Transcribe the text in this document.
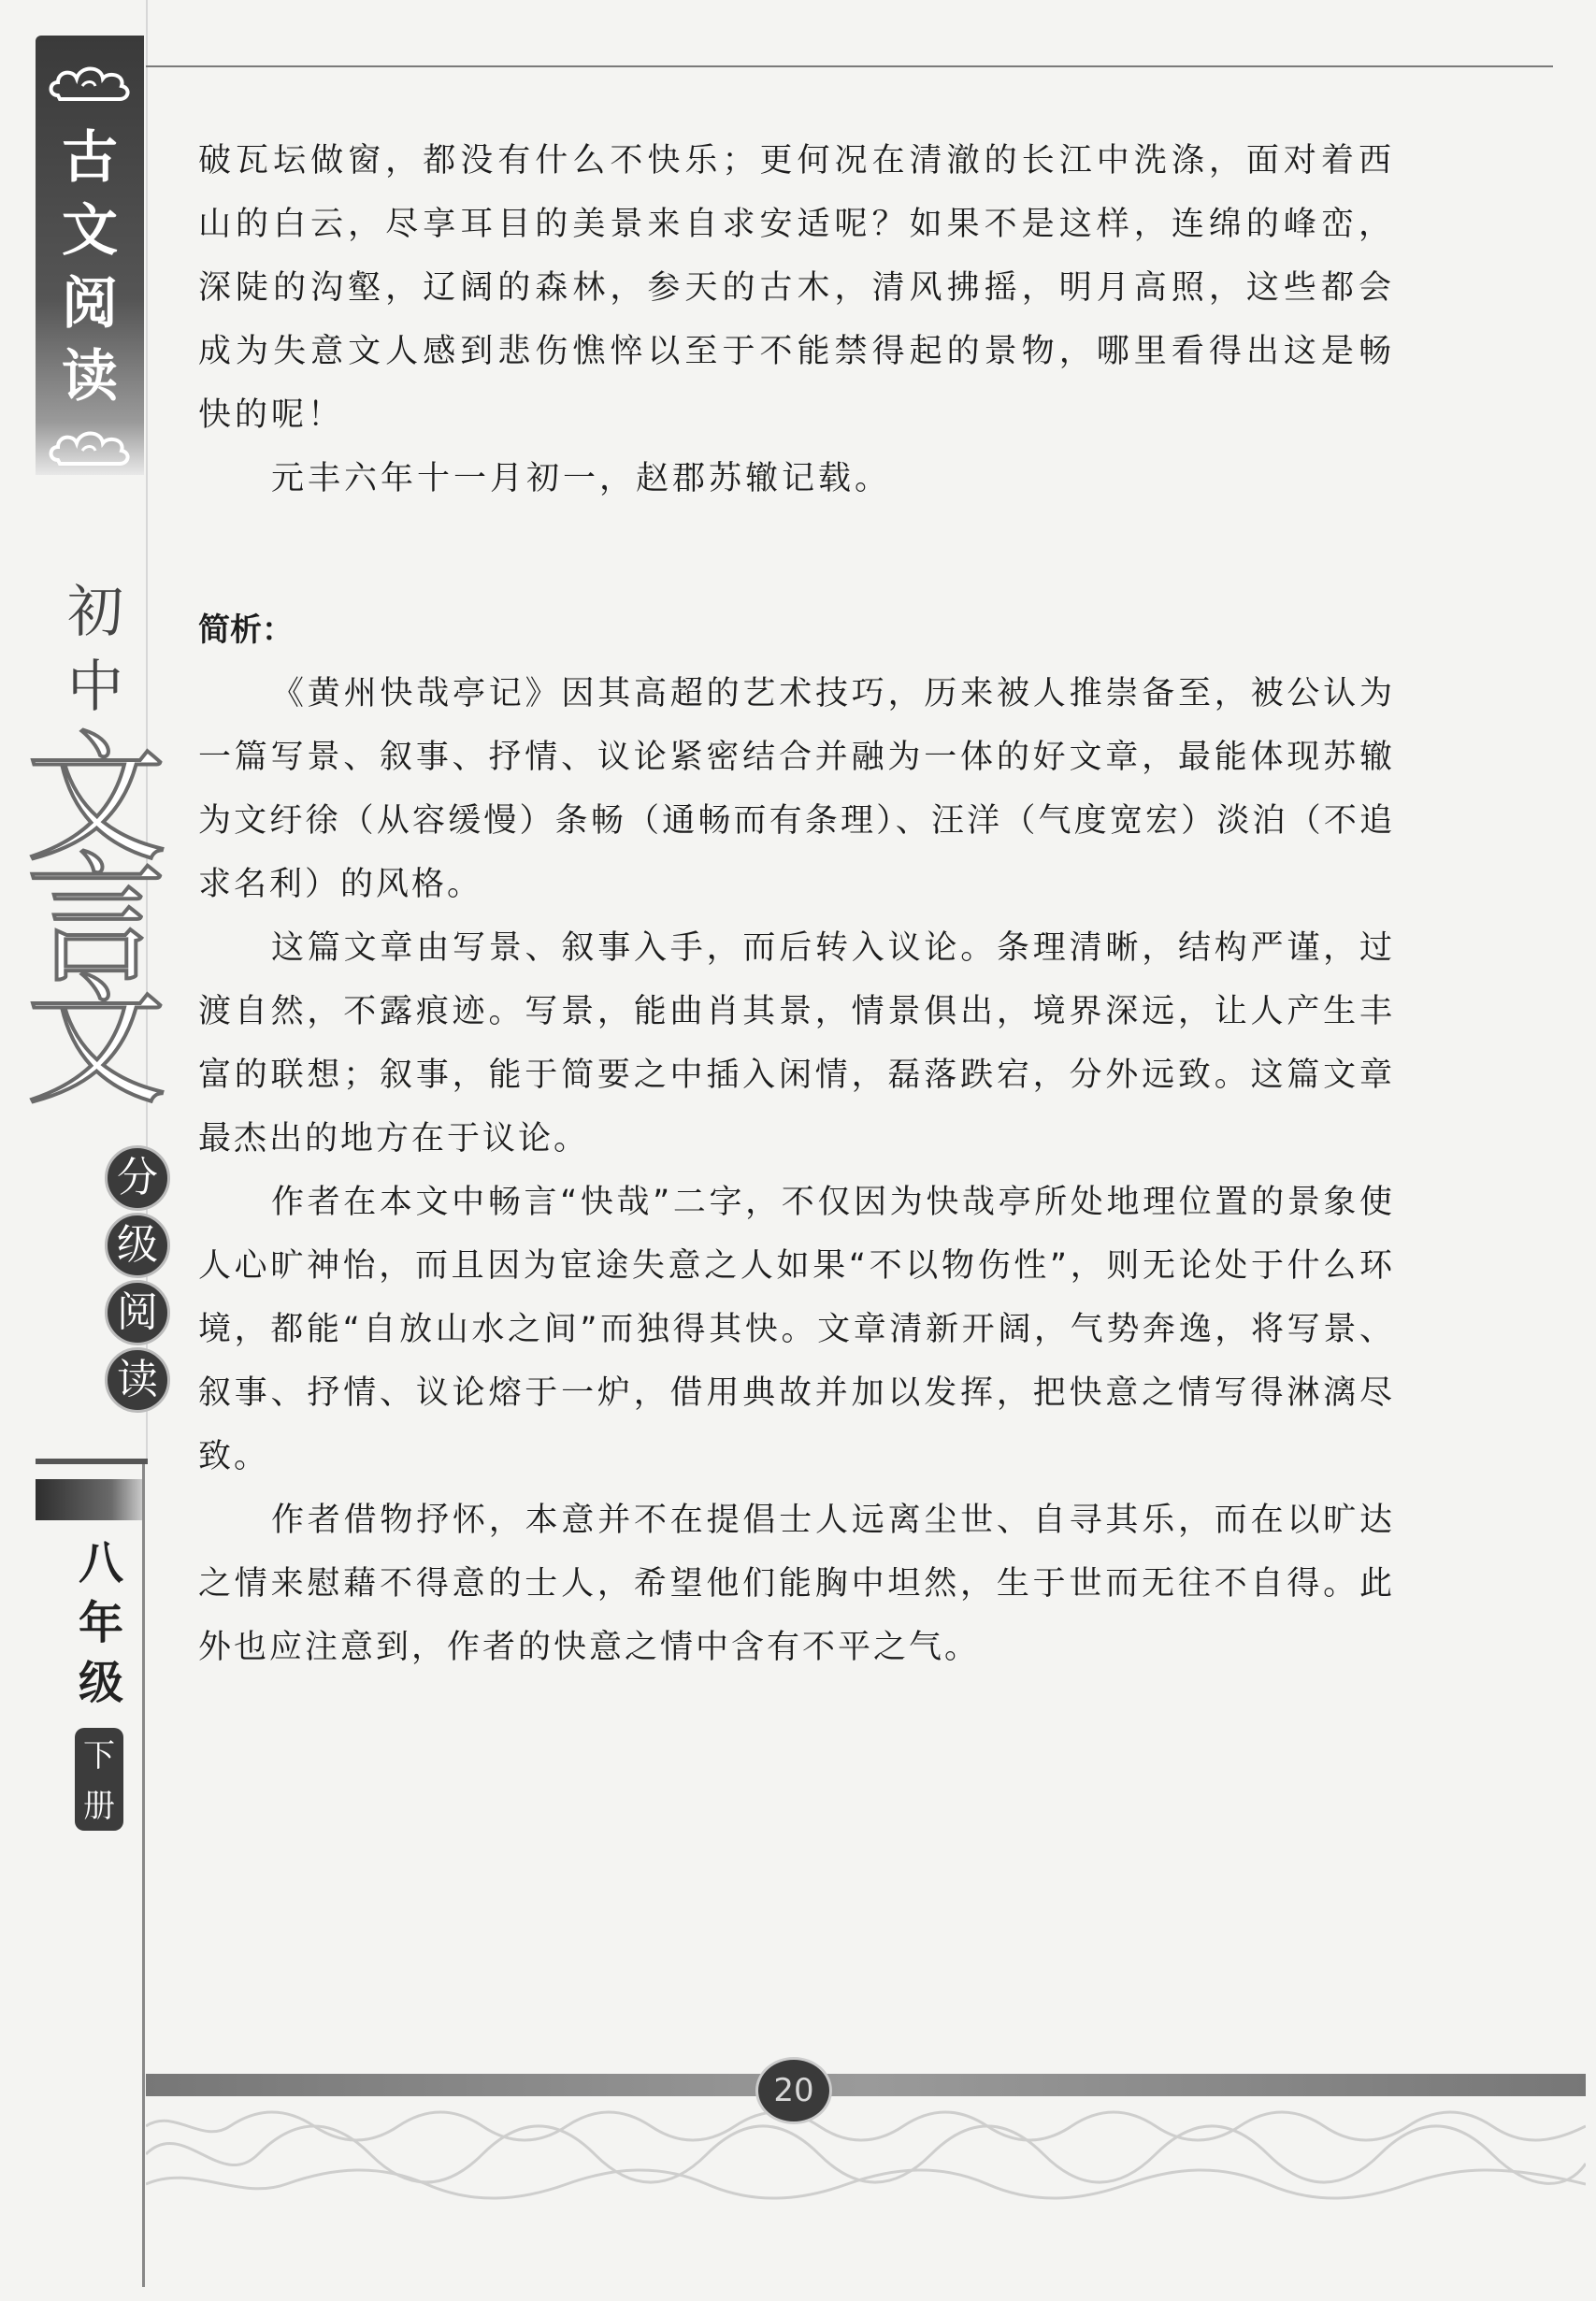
古
文
阅
读
初
中
文
言
文
分
级
阅
读
八
年
级
下
册

破瓦坛做窗，都没有什么不快乐；更何况在清澈的长江中洗涤，面对着西山的白云，尽享耳目的美景来自求安适呢？如果不是这样，连绵的峰峦，深陡的沟壑，辽阔的森林，参天的古木，清风拂摇，明月高照，这些都会成为失意文人感到悲伤憔悴以至于不能禁得起的景物，哪里看得出这是畅快的呢！

元丰六年十一月初一，赵郡苏辙记载。

简析：

《黄州快哉亭记》因其高超的艺术技巧，历来被人推崇备至，被公认为一篇写景、叙事、抒情、议论紧密结合并融为一体的好文章，最能体现苏辙为文纡徐（从容缓慢）条畅（通畅而有条理）、汪洋（气度宽宏）淡泊（不追求名利）的风格。

这篇文章由写景、叙事入手，而后转入议论。条理清晰，结构严谨，过渡自然，不露痕迹。写景，能曲肖其景，情景俱出，境界深远，让人产生丰富的联想；叙事，能于简要之中插入闲情，磊落跌宕，分外远致。这篇文章最杰出的地方在于议论。

作者在本文中畅言“快哉”二字，不仅因为快哉亭所处地理位置的景象使人心旷神怡，而且因为宦途失意之人如果“不以物伤性”，则无论处于什么环境，都能“自放山水之间”而独得其快。文章清新开阔，气势奔逸，将写景、叙事、抒情、议论熔于一炉，借用典故并加以发挥，把快意之情写得淋漓尽致。

作者借物抒怀，本意并不在提倡士人远离尘世、自寻其乐，而在以旷达之情来慰藉不得意的士人，希望他们能胸中坦然，生于世而无往不自得。此外也应注意到，作者的快意之情中含有不平之气。

20
